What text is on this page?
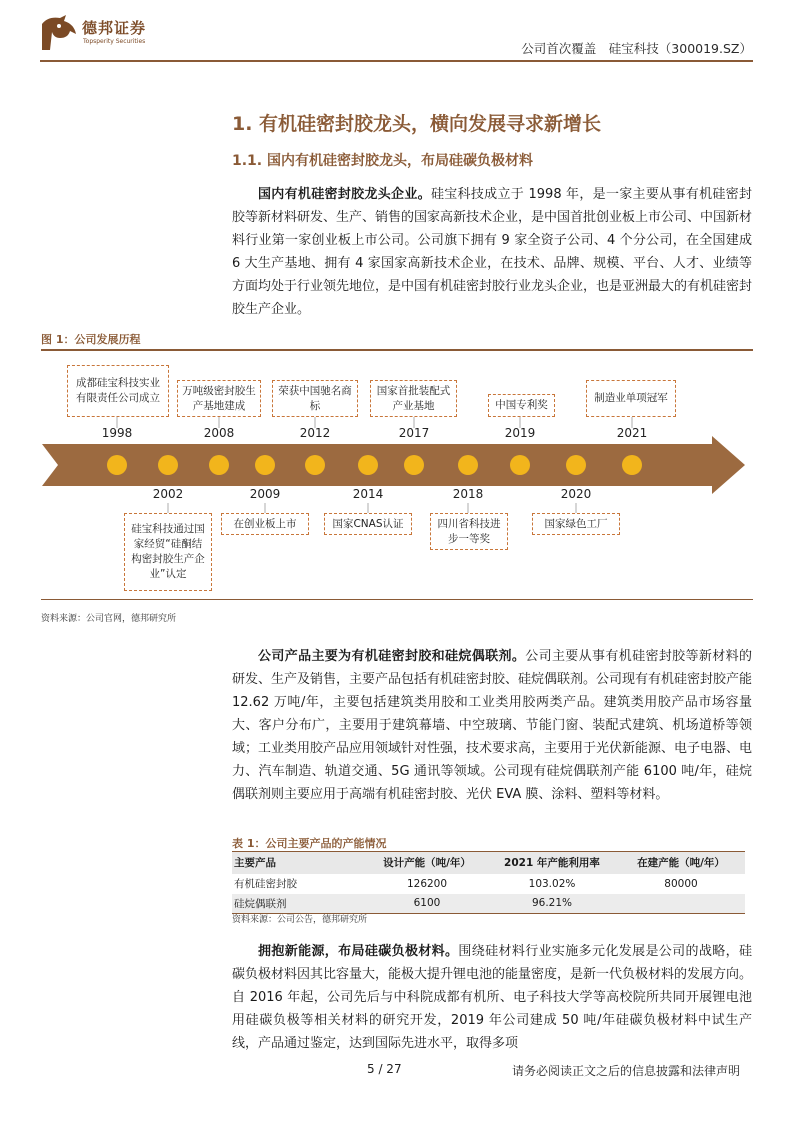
德邦证券
Topsperity Securities	公司首次覆盖　硅宝科技（300019.SZ）
1. 有机硅密封胶龙头，横向发展寻求新增长
1.1. 国内有机硅密封胶龙头，布局硅碳负极材料
国内有机硅密封胶龙头企业。硅宝科技成立于 1998 年，是一家主要从事有机硅密封胶等新材料研发、生产、销售的国家高新技术企业，是中国首批创业板上市公司、中国新材料行业第一家创业板上市公司。公司旗下拥有 9 家全资子公司、4 个分公司，在全国建成 6 大生产基地、拥有 4 家国家高新技术企业，在技术、品牌、规模、平台、人才、业绩等方面均处于行业领先地位，是中国有机硅密封胶行业龙头企业，也是亚洲最大的有机硅密封胶生产企业。
图 1：公司发展历程
1998
成都硅宝科技实业有限责任公司成立
2008
万吨级密封胶生产基地建成
2012
荣获中国驰名商标
2017
国家首批装配式产业基地
2019
中国专利奖
2021
制造业单项冠军
2002
硅宝科技通过国家经贸“硅酮结构密封胶生产企业”认定
2009
在创业板上市
2014
国家CNAS认证
2018
四川省科技进步一等奖
2020
国家绿色工厂
资料来源：公司官网，德邦研究所
公司产品主要为有机硅密封胶和硅烷偶联剂。公司主要从事有机硅密封胶等新材料的研发、生产及销售，主要产品包括有机硅密封胶、硅烷偶联剂。公司现有有机硅密封胶产能 12.62 万吨/年，主要包括建筑类用胶和工业类用胶两类产品。建筑类用胶产品市场容量大、客户分布广，主要用于建筑幕墙、中空玻璃、节能门窗、装配式建筑、机场道桥等领域；工业类用胶产品应用领域针对性强，技术要求高，主要用于光伏新能源、电子电器、电力、汽车制造、轨道交通、5G 通讯等领域。公司现有硅烷偶联剂产能 6100 吨/年，硅烷偶联剂则主要应用于高端有机硅密封胶、光伏 EVA 膜、涂料、塑料等材料。
表 1：公司主要产品的产能情况
主要产品	设计产能（吨/年）	2021 年产能利用率	在建产能（吨/年）
有机硅密封胶	126200	103.02%	80000
硅烷偶联剂	6100	96.21%	
资料来源：公司公告，德邦研究所
拥抱新能源，布局硅碳负极材料。围绕硅材料行业实施多元化发展是公司的战略，硅碳负极材料因其比容量大，能极大提升锂电池的能量密度，是新一代负极材料的发展方向。自 2016 年起，公司先后与中科院成都有机所、电子科技大学等高校院所共同开展锂电池用硅碳负极等相关材料的研究开发，2019 年公司建成 50 吨/年硅碳负极材料中试生产线，产品通过鉴定，达到国际先进水平，取得多项
5 / 27	请务必阅读正文之后的信息披露和法律声明
